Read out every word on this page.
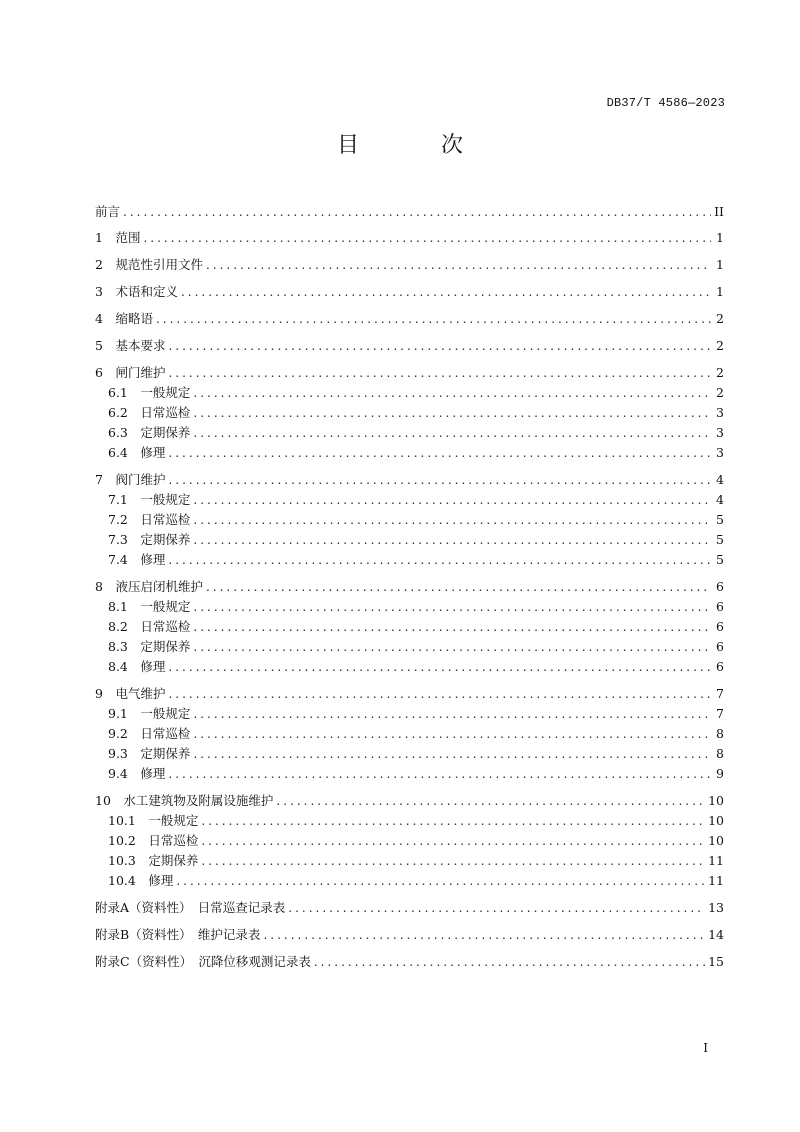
DB37/T 4586—2023
目　次
前言 .....	II
1　范围 .....	1
2　规范性引用文件 .....	1
3　术语和定义 .....	1
4　缩略语 .....	2
5　基本要求 .....	2
6　闸门维护 .....	2
6.1　一般规定 .....	2
6.2　日常巡检 .....	3
6.3　定期保养 .....	3
6.4　修理 .....	3
7　阀门维护 .....	4
7.1　一般规定 .....	4
7.2　日常巡检 .....	5
7.3　定期保养 .....	5
7.4　修理 .....	5
8　液压启闭机维护 .....	6
8.1　一般规定 .....	6
8.2　日常巡检 .....	6
8.3　定期保养 .....	6
8.4　修理 .....	6
9　电气维护 .....	7
9.1　一般规定 .....	7
9.2　日常巡检 .....	8
9.3　定期保养 .....	8
9.4　修理 .....	9
10　水工建筑物及附属设施维护 .....	10
10.1　一般规定 .....	10
10.2　日常巡检 .....	10
10.3　定期保养 .....	11
10.4　修理 .....	11
附录A（资料性）　日常巡查记录表 .....	13
附录B（资料性）　维护记录表 .....	14
附录C（资料性）　沉降位移观测记录表 .....	15
I
